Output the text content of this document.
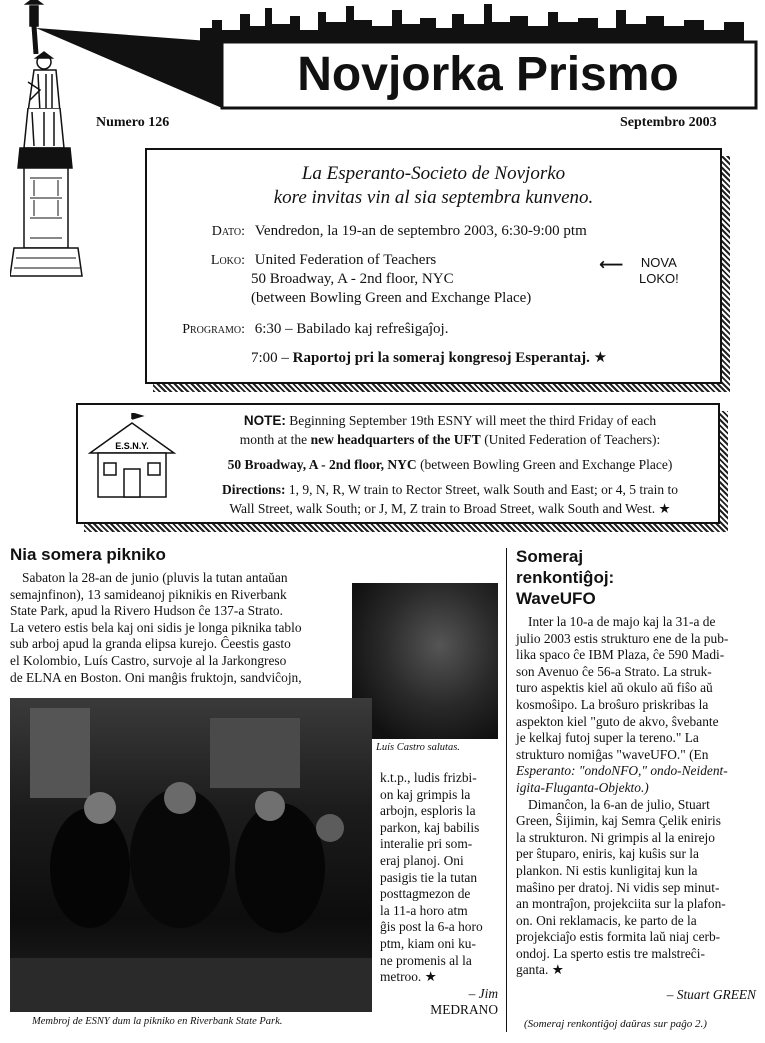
Novjorka Prismo
Numero 126	Septembro 2003
La Esperanto-Societo de Novjorko
kore invitas vin al sia septembra kunveno.
Dato: Vendredon, la 19-an de septembro 2003, 6:30-9:00 ptm
Loko: United Federation of Teachers
50 Broadway, A - 2nd floor, NYC
(between Bowling Green and Exchange Place)
⟵ NOVA
LOKO!
Programo: 6:30 – Babilado kaj refreŝigaĵoj.
7:00 – Raportoj pri la someraj kongresoj Esperantaj. ★
E.S.N.Y.
NOTE: Beginning September 19th ESNY will meet the third Friday of each
month at the new headquarters of the UFT (United Federation of Teachers):
50 Broadway, A - 2nd floor, NYC (between Bowling Green and Exchange Place)
Directions: 1, 9, N, R, W train to Rector Street, walk South and East; or 4, 5 train to
Wall Street, walk South; or J, M, Z train to Broad Street, walk South and West. ★
Nia somera pikniko
Sabaton la 28-an de junio (pluvis la tutan antaŭan
semajnfinon), 13 samideanoj piknikis en Riverbank
State Park, apud la Rivero Hudson ĉe 137-a Strato.
La vetero estis bela kaj oni sidis je longa piknika tablo
sub arboj apud la granda elipsa kurejo. Ĉeestis gasto
el Kolombio, Luís Castro, survoje al la Jarkongreso
de ELNA en Boston. Oni manĝis fruktojn, sandviĉojn,
Luís Castro salutas.
Membroj de ESNY dum la pikniko en Riverbank State Park.
k.t.p., ludis frizbi-
on kaj grimpis la
arbojn, esploris la
parkon, kaj babilis
interalie pri som-
eraj planoj. Oni
pasigis tie la tutan
posttagmezon de
la 11-a horo atm
ĝis post la 6-a horo
ptm, kiam oni ku-
ne promenis al la
metroo. ★
– Jim
MEDRANO
Someraj
renkontiĝoj:
WaveUFO
Inter la 10-a de majo kaj la 31-a de
julio 2003 estis strukturo ene de la pub-
lika spaco ĉe IBM Plaza, ĉe 590 Madi-
son Avenuo ĉe 56-a Strato. La struk-
turo aspektis kiel aŭ okulo aŭ fiŝo aŭ
kosmoŝipo. La broŝuro priskribas la
aspekton kiel "guto de akvo, ŝvebante
je kelkaj futoj super la tereno." La
strukturo nomiĝas "waveUFO." (En
Esperanto: "ondoNFO," ondo-Neident-
igita-Fluganta-Objekto.)
Dimanĉon, la 6-an de julio, Stuart
Green, Ŝijimin, kaj Semra Çelik eniris
la strukturon. Ni grimpis al la enirejo
per ŝtuparo, eniris, kaj kuŝis sur la
plankon. Ni estis kunligitaj kun la
maŝino per dratoj. Ni vidis sep minut-
an montraĵon, projekciita sur la plafon-
on. Oni reklamacis, ke parto de la
projekciaĵo estis formita laŭ niaj cerb-
ondoj. La sperto estis tre malstreĉi-
ganta. ★
– Stuart GREEN
(Someraj renkontiĝoj daŭras sur paĝo 2.)
